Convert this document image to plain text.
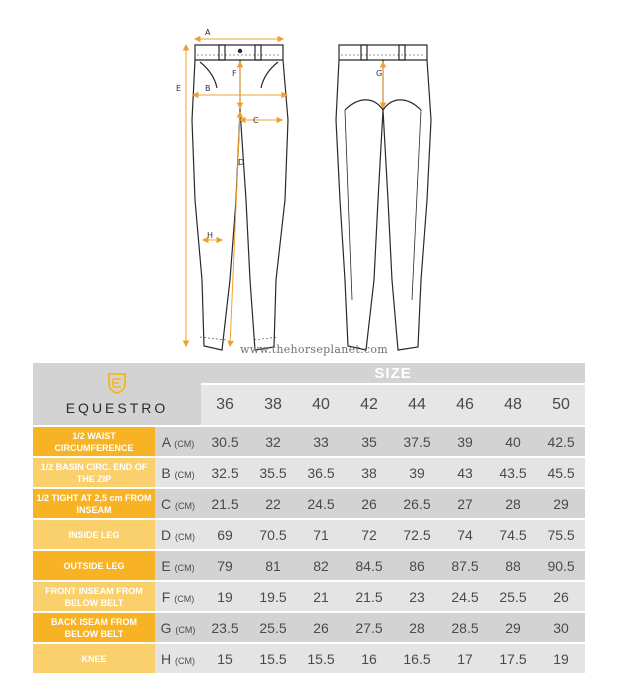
A
B
C
D
E
F	G
H
www.thehorseplanet.com
EQUESTRO		SIZE							
		36	38	40	42	44	46	48	50
1/2 WAIST CIRCUMFERENCE	A (CM)	30.5	32	33	35	37.5	39	40	42.5
1/2 BASIN CIRC. END OF THE ZIP	B (CM)	32.5	35.5	36.5	38	39	43	43.5	45.5
1/2 TIGHT AT 2,5 cm FROM INSEAM	C (CM)	21.5	22	24.5	26	26.5	27	28	29
INSIDE LEG	D (CM)	69	70.5	71	72	72.5	74	74.5	75.5
OUTSIDE LEG	E (CM)	79	81	82	84.5	86	87.5	88	90.5
FRONT INSEAM FROM BELOW BELT	F (CM)	19	19.5	21	21.5	23	24.5	25.5	26
BACK ISEAM FROM BELOW BELT	G (CM)	23.5	25.5	26	27.5	28	28.5	29	30
KNEE	H (CM)	15	15.5	15.5	16	16.5	17	17.5	19
